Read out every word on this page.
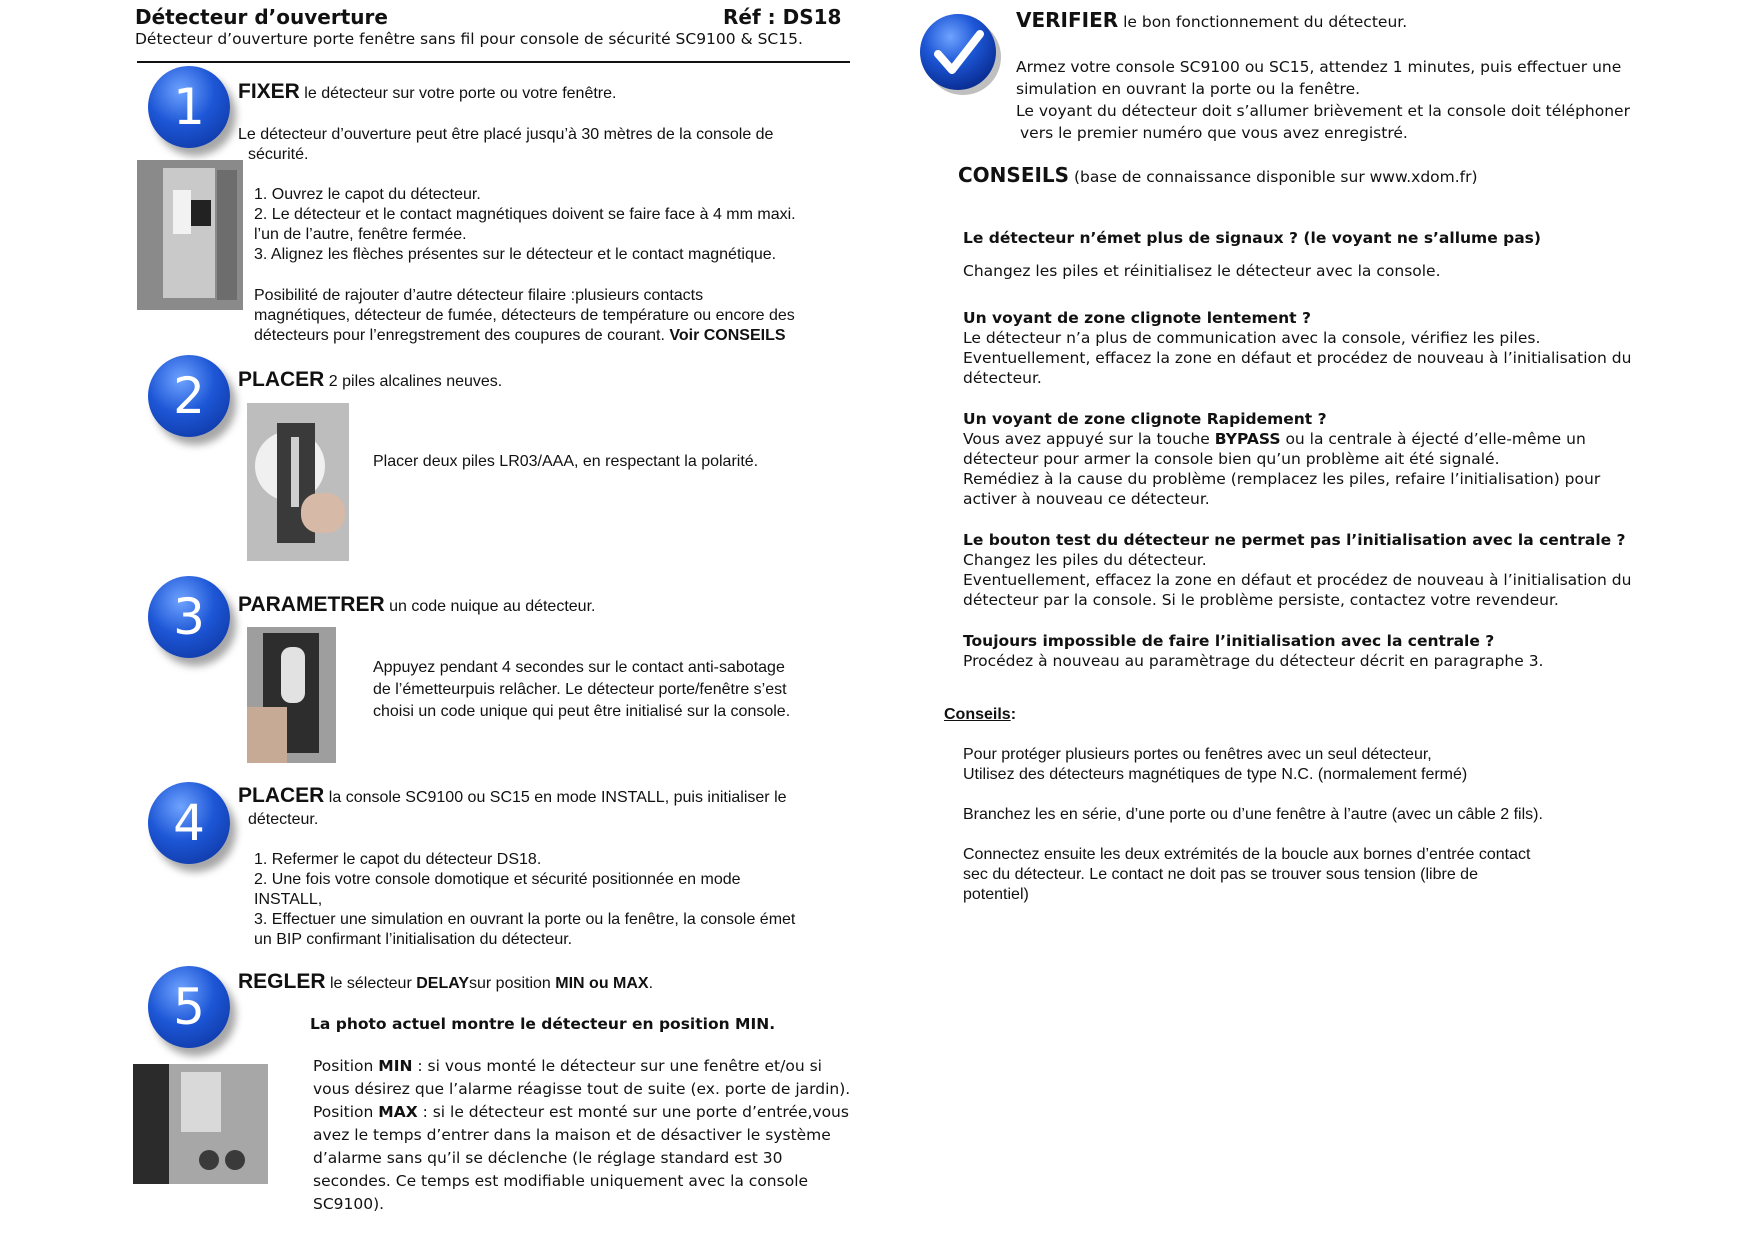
Détecteur d’ouverture	Réf : DS18
Détecteur d’ouverture porte fenêtre sans fil pour console de sécurité SC9100 & SC15.
1	FIXER le détecteur sur votre porte ou votre fenêtre.
Le détecteur d’ouverture peut être placé jusqu’à 30 mètres de la console de
sécurité.
1. Ouvrez le capot du détecteur.
2. Le détecteur et le contact magnétiques doivent se faire face à 4 mm maxi.
l’un de l’autre, fenêtre fermée.
3. Alignez les flèches présentes sur le détecteur et le contact magnétique.
Posibilité de rajouter d’autre détecteur filaire :plusieurs contacts
magnétiques, détecteur de fumée, détecteurs de température ou encore des
détecteurs pour l’enregstrement des coupures de courant. Voir CONSEILS
2	PLACER 2 piles alcalines neuves.
Placer deux piles LR03/AAA, en respectant la polarité.
3	PARAMETRER un code nuique au détecteur.
Appuyez pendant 4 secondes sur le contact anti-sabotage
de l’émetteurpuis relâcher. Le détecteur porte/fenêtre s’est
choisi un code unique qui peut être initialisé sur la console.
4	PLACER la console SC9100 ou SC15 en mode INSTALL, puis initialiser le
détecteur.
1. Refermer le capot du détecteur DS18.
2. Une fois votre console domotique et sécurité positionnée en mode
INSTALL,
3. Effectuer une simulation en ouvrant la porte ou la fenêtre, la console émet
un BIP confirmant l’initialisation du détecteur.
5	REGLER le sélecteur DELAYsur position MIN ou MAX.
La photo actuel montre le détecteur en position MIN.
Position MIN : si vous monté le détecteur sur une fenêtre et/ou si
vous désirez que l’alarme réagisse tout de suite (ex. porte de jardin).
Position MAX : si le détecteur est monté sur une porte d’entrée,vous
avez le temps d’entrer dans la maison et de désactiver le système
d’alarme sans qu’il se déclenche (le réglage standard est 30
secondes. Ce temps est modifiable uniquement avec la console
SC9100).
VERIFIER le bon fonctionnement du détecteur.
Armez votre console SC9100 ou SC15, attendez 1 minutes, puis effectuer une
simulation en ouvrant la porte ou la fenêtre.
Le voyant du détecteur doit s’allumer brièvement et la console doit téléphoner
vers le premier numéro que vous avez enregistré.
CONSEILS (base de connaissance disponible sur www.xdom.fr)
Le détecteur n’émet plus de signaux ? (le voyant ne s’allume pas)
Changez les piles et réinitialisez le détecteur avec la console.
Un voyant de zone clignote lentement ?
Le détecteur n’a plus de communication avec la console, vérifiez les piles.
Eventuellement, effacez la zone en défaut et procédez de nouveau à l’initialisation du
détecteur.
Un voyant de zone clignote Rapidement ?
Vous avez appuyé sur la touche BYPASS ou la centrale à éjecté d’elle-même un
détecteur pour armer la console bien qu’un problème ait été signalé.
Remédiez à la cause du problème (remplacez les piles, refaire l’initialisation) pour
activer à nouveau ce détecteur.
Le bouton test du détecteur ne permet pas l’initialisation avec la centrale ?
Changez les piles du détecteur.
Eventuellement, effacez la zone en défaut et procédez de nouveau à l’initialisation du
détecteur par la console. Si le problème persiste, contactez votre revendeur.
Toujours impossible de faire l’initialisation avec la centrale ?
Procédez à nouveau au paramètrage du détecteur décrit en paragraphe 3.
Conseils:
Pour protéger plusieurs portes ou fenêtres avec un seul détecteur,
Utilisez des détecteurs magnétiques de type N.C. (normalement fermé)
Branchez les en série, d’une porte ou d’une fenêtre à l’autre (avec un câble 2 fils).
Connectez ensuite les deux extrémités de la boucle aux bornes d’entrée contact
sec du détecteur. Le contact ne doit pas se trouver sous tension (libre de
potentiel)
